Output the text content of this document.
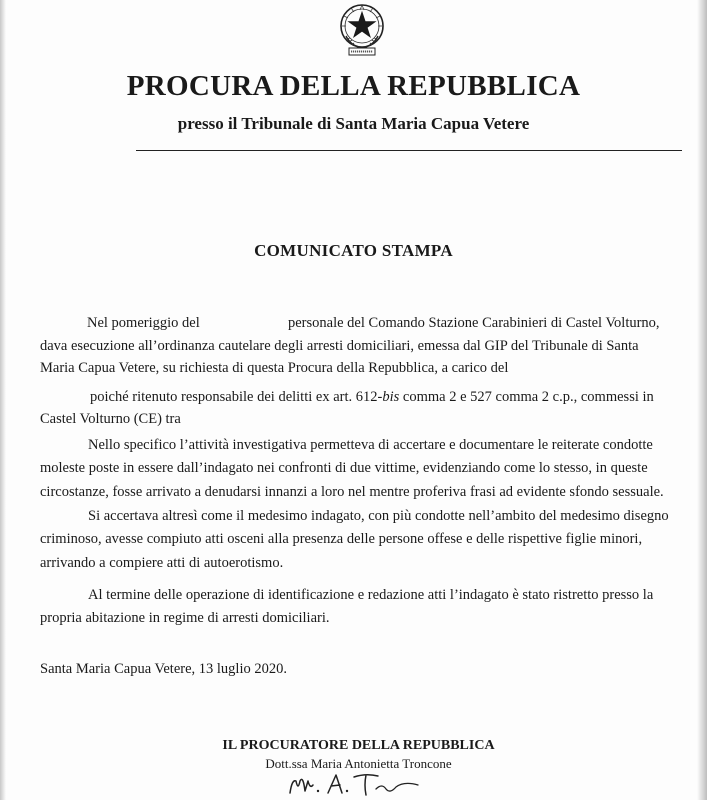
PROCURA DELLA REPUBBLICA
presso il Tribunale di Santa Maria Capua Vetere
COMUNICATO STAMPA
Nel pomeriggio del	personale del Comando Stazione Carabinieri di Castel Volturno,
dava esecuzione all’ordinanza cautelare degli arresti domiciliari, emessa dal GIP del Tribunale di Santa
Maria Capua Vetere, su richiesta di questa Procura della Repubblica, a carico del
poiché ritenuto responsabile dei delitti ex art. 612-bis comma 2 e 527 comma 2 c.p., commessi in
Castel Volturno (CE) tra
Nello specifico l’attività investigativa permetteva di accertare e documentare le reiterate condotte
moleste poste in essere dall’indagato nei confronti di due vittime, evidenziando come lo stesso, in queste
circostanze, fosse arrivato a denudarsi innanzi a loro nel mentre proferiva frasi ad evidente sfondo sessuale.
Si accertava altresì come il medesimo indagato, con più condotte nell’ambito del medesimo disegno
criminoso, avesse compiuto atti osceni alla presenza delle persone offese e delle rispettive figlie minori,
arrivando a compiere atti di autoerotismo.
Al termine delle operazione di identificazione e redazione atti l’indagato è stato ristretto presso la
propria abitazione in regime di arresti domiciliari.
Santa Maria Capua Vetere, 13 luglio 2020.
IL PROCURATORE DELLA REPUBBLICA
Dott.ssa Maria Antonietta Troncone
